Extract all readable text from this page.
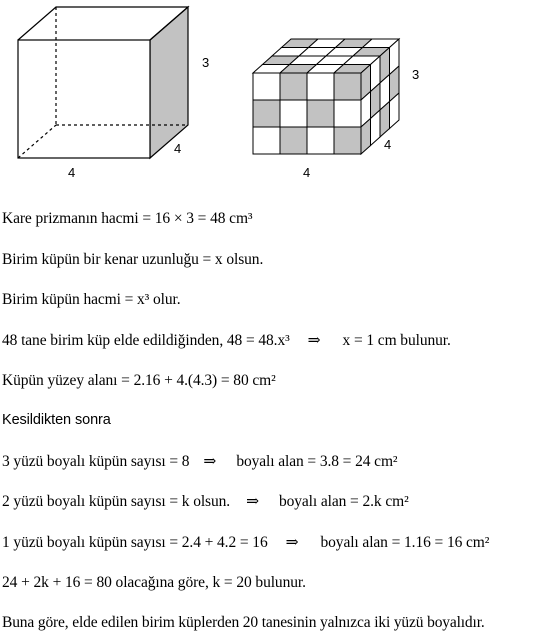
3
4
4
3
4
4
Kare prizmanın hacmi = 16 × 3 = 48 cm³
Birim küpün bir kenar uzunluğu = x olsun.
Birim küpün hacmi = x³ olur.
48 tane birim küp elde edildiğinden, 48 = 48.x³ ⇒ x = 1 cm bulunur.
Küpün yüzey alanı = 2.16 + 4.(4.3) = 80 cm²
Kesildikten sonra
3 yüzü boyalı küpün sayısı = 8 ⇒ boyalı alan = 3.8 = 24 cm²
2 yüzü boyalı küpün sayısı = k olsun. ⇒ boyalı alan = 2.k cm²
1 yüzü boyalı küpün sayısı = 2.4 + 4.2 = 16 ⇒ boyalı alan = 1.16 = 16 cm²
24 + 2k + 16 = 80 olacağına göre, k = 20 bulunur.
Buna göre, elde edilen birim küplerden 20 tanesinin yalnızca iki yüzü boyalıdır.
